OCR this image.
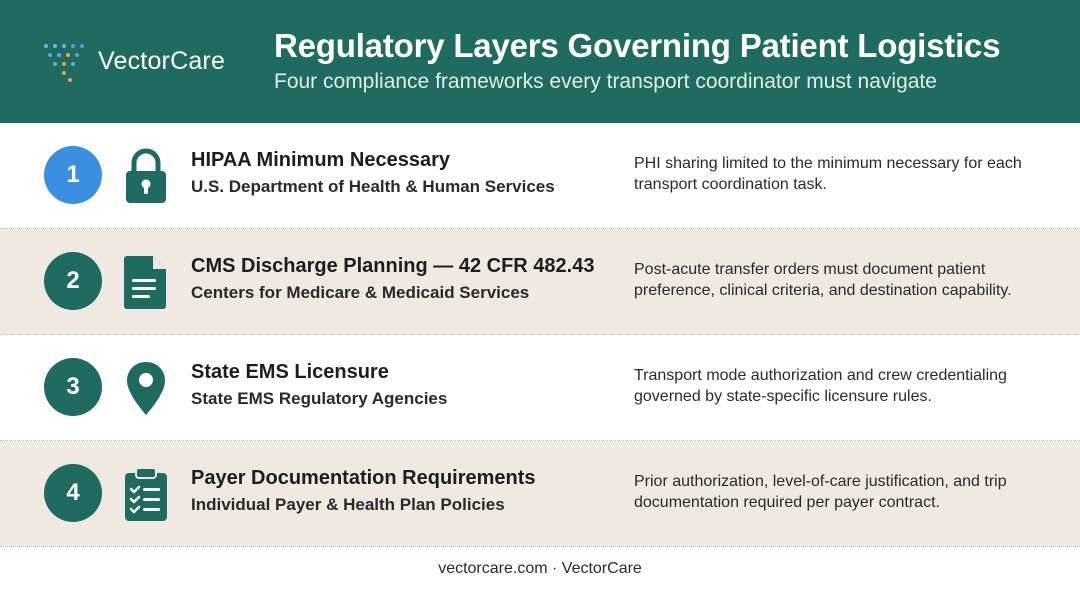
VectorCare Regulatory Layers Governing Patient Logistics
Four compliance frameworks every transport coordinator must navigate
1
HIPAA Minimum Necessary
U.S. Department of Health & Human Services
PHI sharing limited to the minimum necessary for each transport coordination task.
2
CMS Discharge Planning — 42 CFR 482.43
Centers for Medicare & Medicaid Services
Post-acute transfer orders must document patient preference, clinical criteria, and destination capability.
3
State EMS Licensure
State EMS Regulatory Agencies
Transport mode authorization and crew credentialing governed by state-specific licensure rules.
4
Payer Documentation Requirements
Individual Payer & Health Plan Policies
Prior authorization, level-of-care justification, and trip documentation required per payer contract.
vectorcare.com · VectorCare
